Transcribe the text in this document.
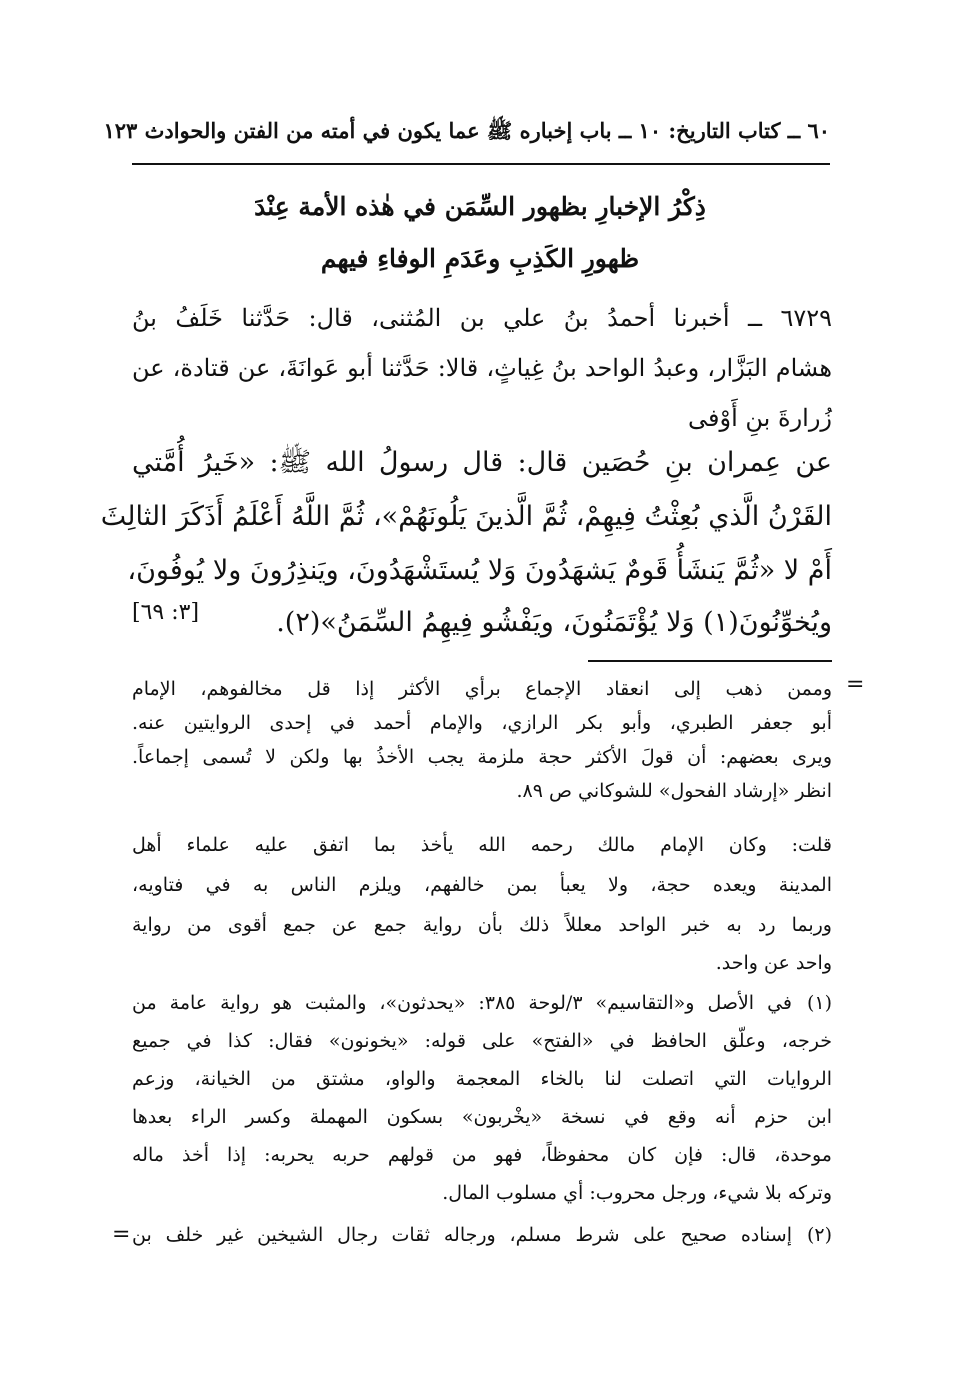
٦٠ ــ كتاب التاريخ: ١٠ ــ باب إخباره ﷺ عما يكون في أمته من الفتن والحوادث ١٢٣
ذِكْرُ الإخبارِ بظهور السِّمَن في هٰذه الأمة عِنْدَ
ظهورِ الكَذِبِ وعَدَمِ الوفاءِ فيهم
٦٧٢٩ ــ أخبرنا أحمدُ بنُ علي بن المُثنى، قال: حَدَّثنا خَلَفُ بنُ
هشام البَزَّار، وعبدُ الواحد بنُ غِياثٍ، قالا: حَدَّثنا أبو عَوانَةَ، عن قتادة، عن
زُرارةَ بنِ أَوْفى
عن عِمران بنِ حُصَين قال: قال رسولُ الله ﷺ: «خَيرُ أُمَّتي
القَرْنُ الَّذي بُعِثْتُ فِيهِمْ، ثُمَّ الَّذينَ يَلُونَهُمْ»، ثُمَّ اللَّهُ أَعْلَمُ أَذَكَرَ الثالِثَ
أَمْ لا «ثُمَّ يَنشَأُ قَومٌ يَشهَدُونَ وَلا يُستَشْهَدُونَ، ويَنذِرُونَ ولا يُوفُونَ،
ويُخوِّنُونَ(١) وَلا يُؤْتَمَنُونَ، ويَفْشُو فِيهِمُ السِّمَنُ»(٢).
[٣: ٦٩]
=
وممن ذهب إلى انعقاد الإجماع برأي الأكثر إذا قل مخالفوهم، الإمام
أبو جعفر الطبري، وأبو بكر الرازي، والإمام أحمد في إحدى الروايتين عنه.
ويرى بعضهم: أن قولَ الأكثر حجة ملزمة يجب الأخذُ بها ولكن لا تُسمى إجماعاً.
انظر «إرشاد الفحول» للشوكاني ص ٨٩.
قلت: وكان الإمام مالك رحمه الله يأخذ بما اتفق عليه علماء أهل
المدينة ويعده حجة، ولا يعبأ بمن خالفهم، ويلزم الناس به في فتاويه،
وربما رد به خبر الواحد معللاً ذلك بأن رواية جمع عن جمع أقوى من رواية
واحد عن واحد.
(١)
في الأصل و«التقاسيم» ٣/لوحة ٣٨٥: «يحدثون»، والمثبت هو رواية عامة من
خرجه، وعلّق الحافظ في «الفتح» على قوله: «يخونون» فقال: كذا في جميع
الروايات التي اتصلت لنا بالخاء المعجمة والواو، مشتق من الخيانة، وزعم
ابن حزم أنه وقع في نسخة «يخْربون» بسكون المهملة وكسر الراء بعدها
موحدة، قال: فإن كان محفوظاً، فهو من قولهم حربه يحربه: إذا أخذ ماله
وتركه بلا شيء، ورجل محروب: أي مسلوب المال.
(٢)
إسناده صحيح على شرط مسلم، ورجاله ثقات رجال الشيخين غير خلف بن
=
